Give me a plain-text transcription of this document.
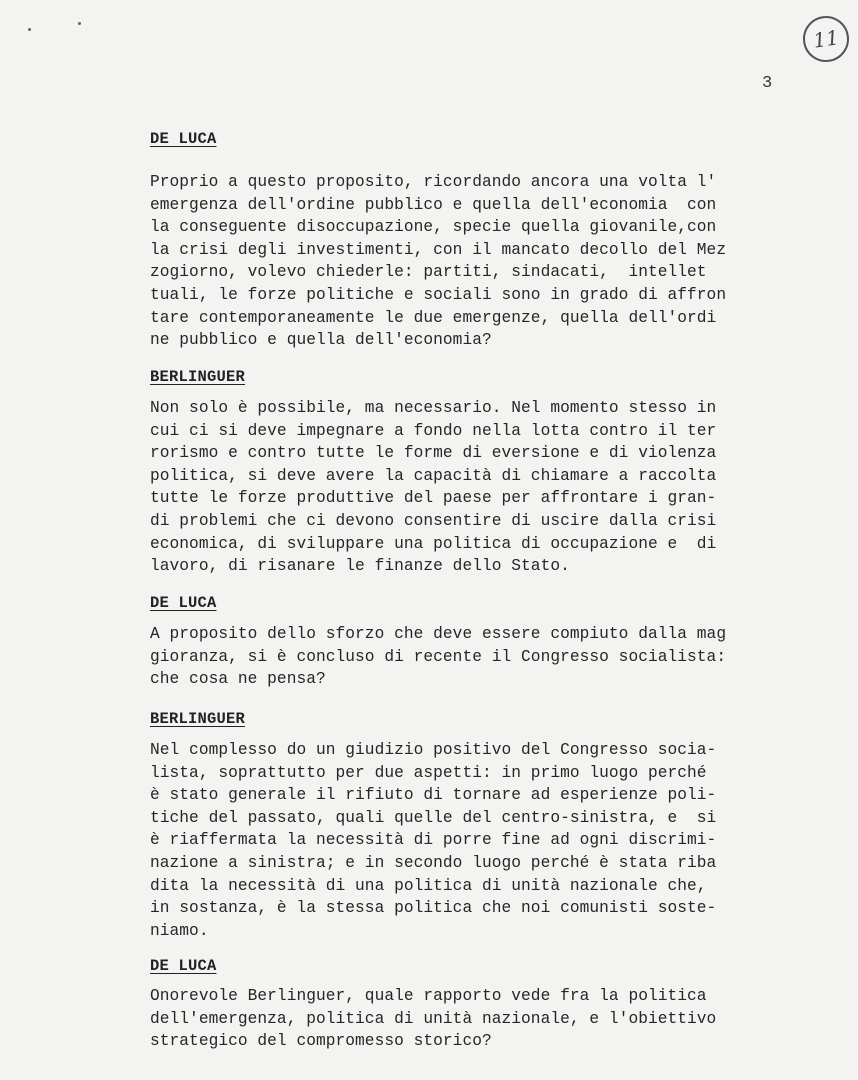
11
3
DE LUCA
Proprio a questo proposito, ricordando ancora una volta l'
emergenza dell'ordine pubblico e quella dell'economia  con
la conseguente disoccupazione, specie quella giovanile,con
la crisi degli investimenti, con il mancato decollo del Mez
zogiorno, volevo chiederle: partiti, sindacati,  intellet
tuali, le forze politiche e sociali sono in grado di affron
tare contemporaneamente le due emergenze, quella dell'ordi
ne pubblico e quella dell'economia?
BERLINGUER
Non solo è possibile, ma necessario. Nel momento stesso in
cui ci si deve impegnare a fondo nella lotta contro il ter
rorismo e contro tutte le forme di eversione e di violenza
politica, si deve avere la capacità di chiamare a raccolta
tutte le forze produttive del paese per affrontare i gran-
di problemi che ci devono consentire di uscire dalla crisi
economica, di sviluppare una politica di occupazione e  di
lavoro, di risanare le finanze dello Stato.
DE LUCA
A proposito dello sforzo che deve essere compiuto dalla mag
gioranza, si è concluso di recente il Congresso socialista:
che cosa ne pensa?
BERLINGUER
Nel complesso do un giudizio positivo del Congresso socia-
lista, soprattutto per due aspetti: in primo luogo perché
è stato generale il rifiuto di tornare ad esperienze poli-
tiche del passato, quali quelle del centro-sinistra, e  si
è riaffermata la necessità di porre fine ad ogni discrimi-
nazione a sinistra; e in secondo luogo perché è stata riba
dita la necessità di una politica di unità nazionale che,
in sostanza, è la stessa politica che noi comunisti soste-
niamo.
DE LUCA
Onorevole Berlinguer, quale rapporto vede fra la politica
dell'emergenza, politica di unità nazionale, e l'obiettivo
strategico del compromesso storico?
